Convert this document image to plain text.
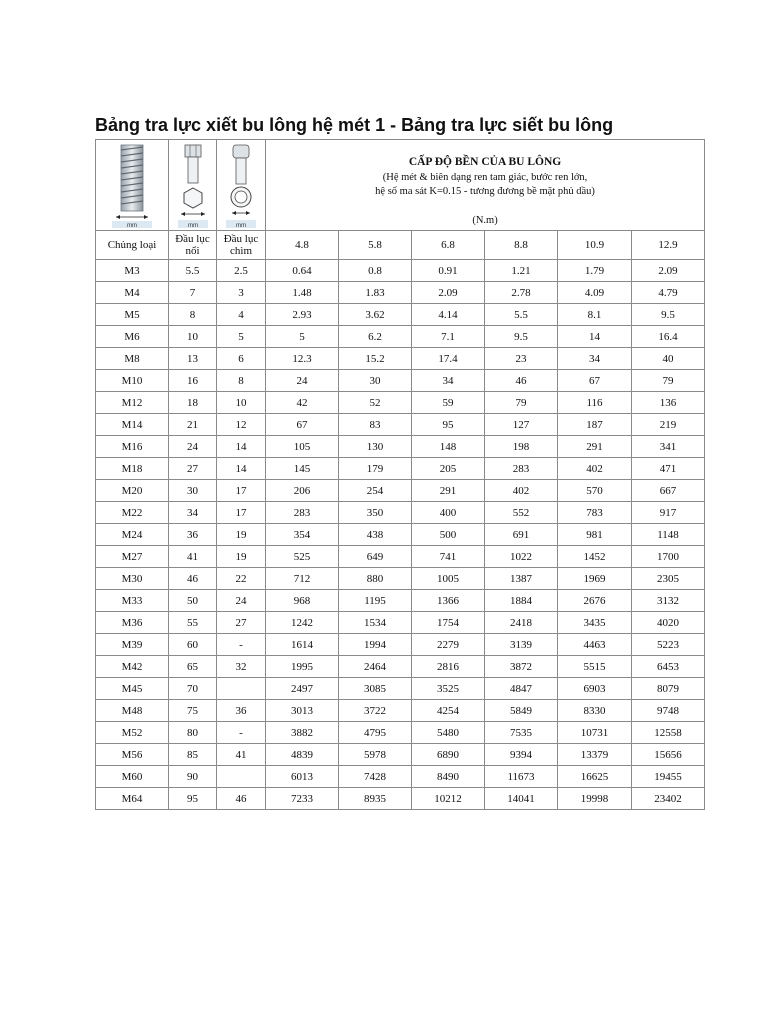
Bảng tra lực xiết bu lông hệ mét 1 - Bảng tra lực siết bu lông
mm	mm	mm	CẤP ĐỘ BỀN CỦA BU LÔNG
(Hệ mét & biên dạng ren tam giác, bước ren lớn,
hệ số ma sát K=0.15 - tương đương bề mặt phủ dầu)
(N.m)					

Chủng loại	Đầu lục nổi	Đầu lục chìm	4.8	5.8	6.8	8.8	10.9	12.9
M3	5.5	2.5	0.64	0.8	0.91	1.21	1.79	2.09
M4	7	3	1.48	1.83	2.09	2.78	4.09	4.79
M5	8	4	2.93	3.62	4.14	5.5	8.1	9.5
M6	10	5	5	6.2	7.1	9.5	14	16.4
M8	13	6	12.3	15.2	17.4	23	34	40
M10	16	8	24	30	34	46	67	79
M12	18	10	42	52	59	79	116	136
M14	21	12	67	83	95	127	187	219
M16	24	14	105	130	148	198	291	341
M18	27	14	145	179	205	283	402	471
M20	30	17	206	254	291	402	570	667
M22	34	17	283	350	400	552	783	917
M24	36	19	354	438	500	691	981	1148
M27	41	19	525	649	741	1022	1452	1700
M30	46	22	712	880	1005	1387	1969	2305
M33	50	24	968	1195	1366	1884	2676	3132
M36	55	27	1242	1534	1754	2418	3435	4020
M39	60	-	1614	1994	2279	3139	4463	5223
M42	65	32	1995	2464	2816	3872	5515	6453
M45	70		2497	3085	3525	4847	6903	8079
M48	75	36	3013	3722	4254	5849	8330	9748
M52	80	-	3882	4795	5480	7535	10731	12558
M56	85	41	4839	5978	6890	9394	13379	15656
M60	90		6013	7428	8490	11673	16625	19455
M64	95	46	7233	8935	10212	14041	19998	23402
